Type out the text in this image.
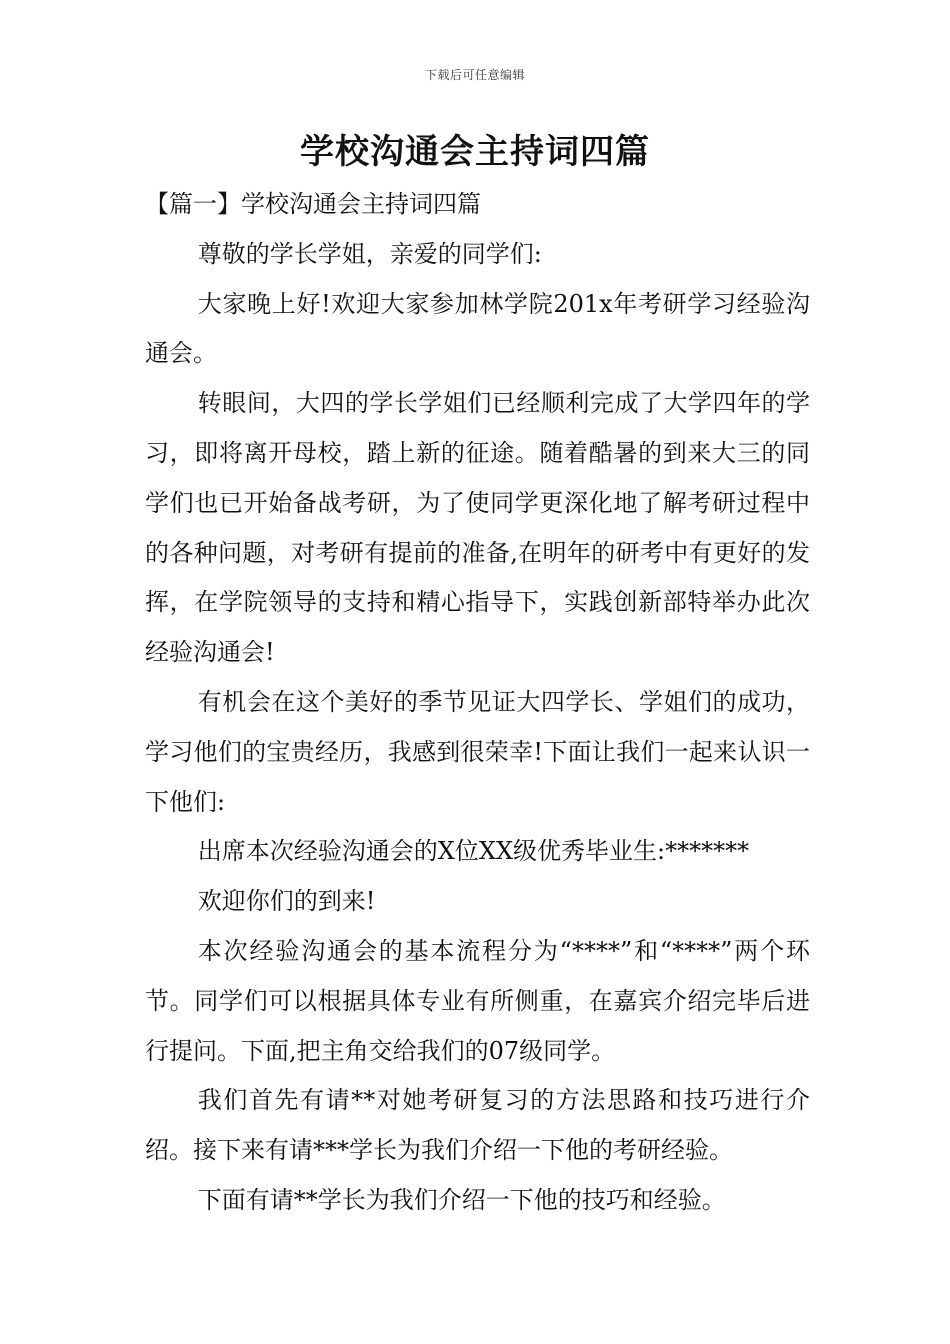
下载后可任意编辑
学校沟通会主持词四篇

【篇一】学校沟通会主持词四篇

尊敬的学长学姐，亲爱的同学们:

大家晚上好!欢迎大家参加林学院201x年考研学习经验沟通会。

转眼间，大四的学长学姐们已经顺利完成了大学四年的学习，即将离开母校，踏上新的征途。随着酷暑的到来大三的同学们也已开始备战考研，为了使同学更深化地了解考研过程中的各种问题，对考研有提前的准备,在明年的研考中有更好的发挥，在学院领导的支持和精心指导下，实践创新部特举办此次经验沟通会!

有机会在这个美好的季节见证大四学长、学姐们的成功，学习他们的宝贵经历，我感到很荣幸!下面让我们一起来认识一下他们:

出席本次经验沟通会的X位XX级优秀毕业生:*******

欢迎你们的到来!

本次经验沟通会的基本流程分为“****”和“****”两个环节。同学们可以根据具体专业有所侧重，在嘉宾介绍完毕后进行提问。下面,把主角交给我们的07级同学。

我们首先有请**对她考研复习的方法思路和技巧进行介绍。接下来有请***学长为我们介绍一下他的考研经验。

下面有请**学长为我们介绍一下他的技巧和经验。
